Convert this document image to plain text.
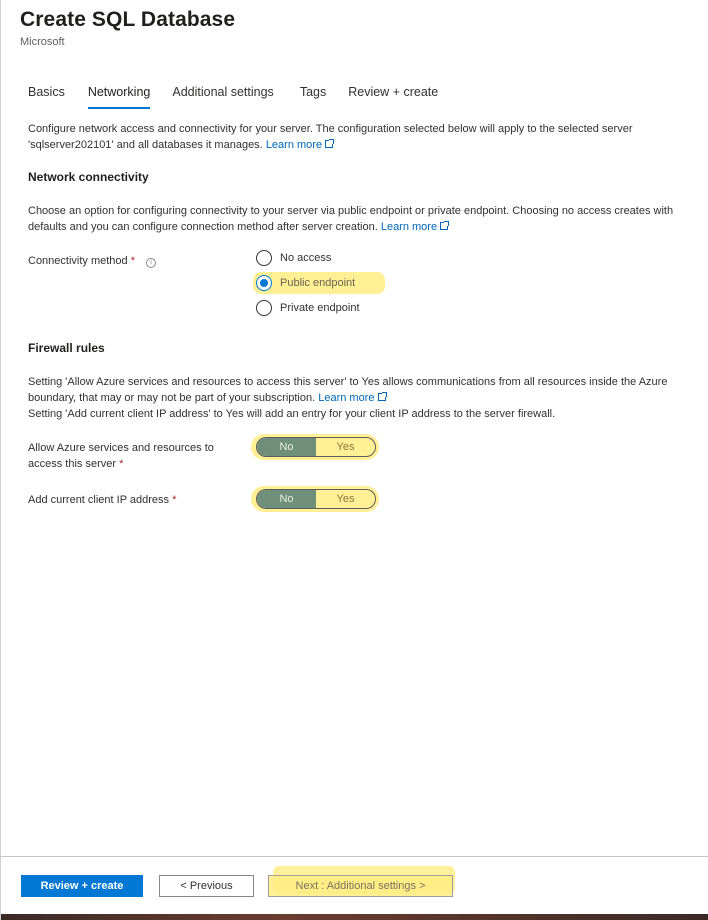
Create SQL Database
Microsoft
Basics Networking Additional settings Tags Review + create
Configure network access and connectivity for your server. The configuration selected below will apply to the selected server 'sqlserver202101' and all databases it manages. Learn more
Network connectivity
Choose an option for configuring connectivity to your server via public endpoint or private endpoint. Choosing no access creates with defaults and you can configure connection method after server creation. Learn more
Connectivity method * i	No access
Public endpoint
Private endpoint
Firewall rules
Setting 'Allow Azure services and resources to access this server' to Yes allows communications from all resources inside the Azure boundary, that may or may not be part of your subscription. Learn more
Setting 'Add current client IP address' to Yes will add an entry for your client IP address to the server firewall.
Allow Azure services and resources to
access this server *
No	Yes
Add current client IP address *	No	Yes
Review + create	< Previous	Next : Additional settings >
